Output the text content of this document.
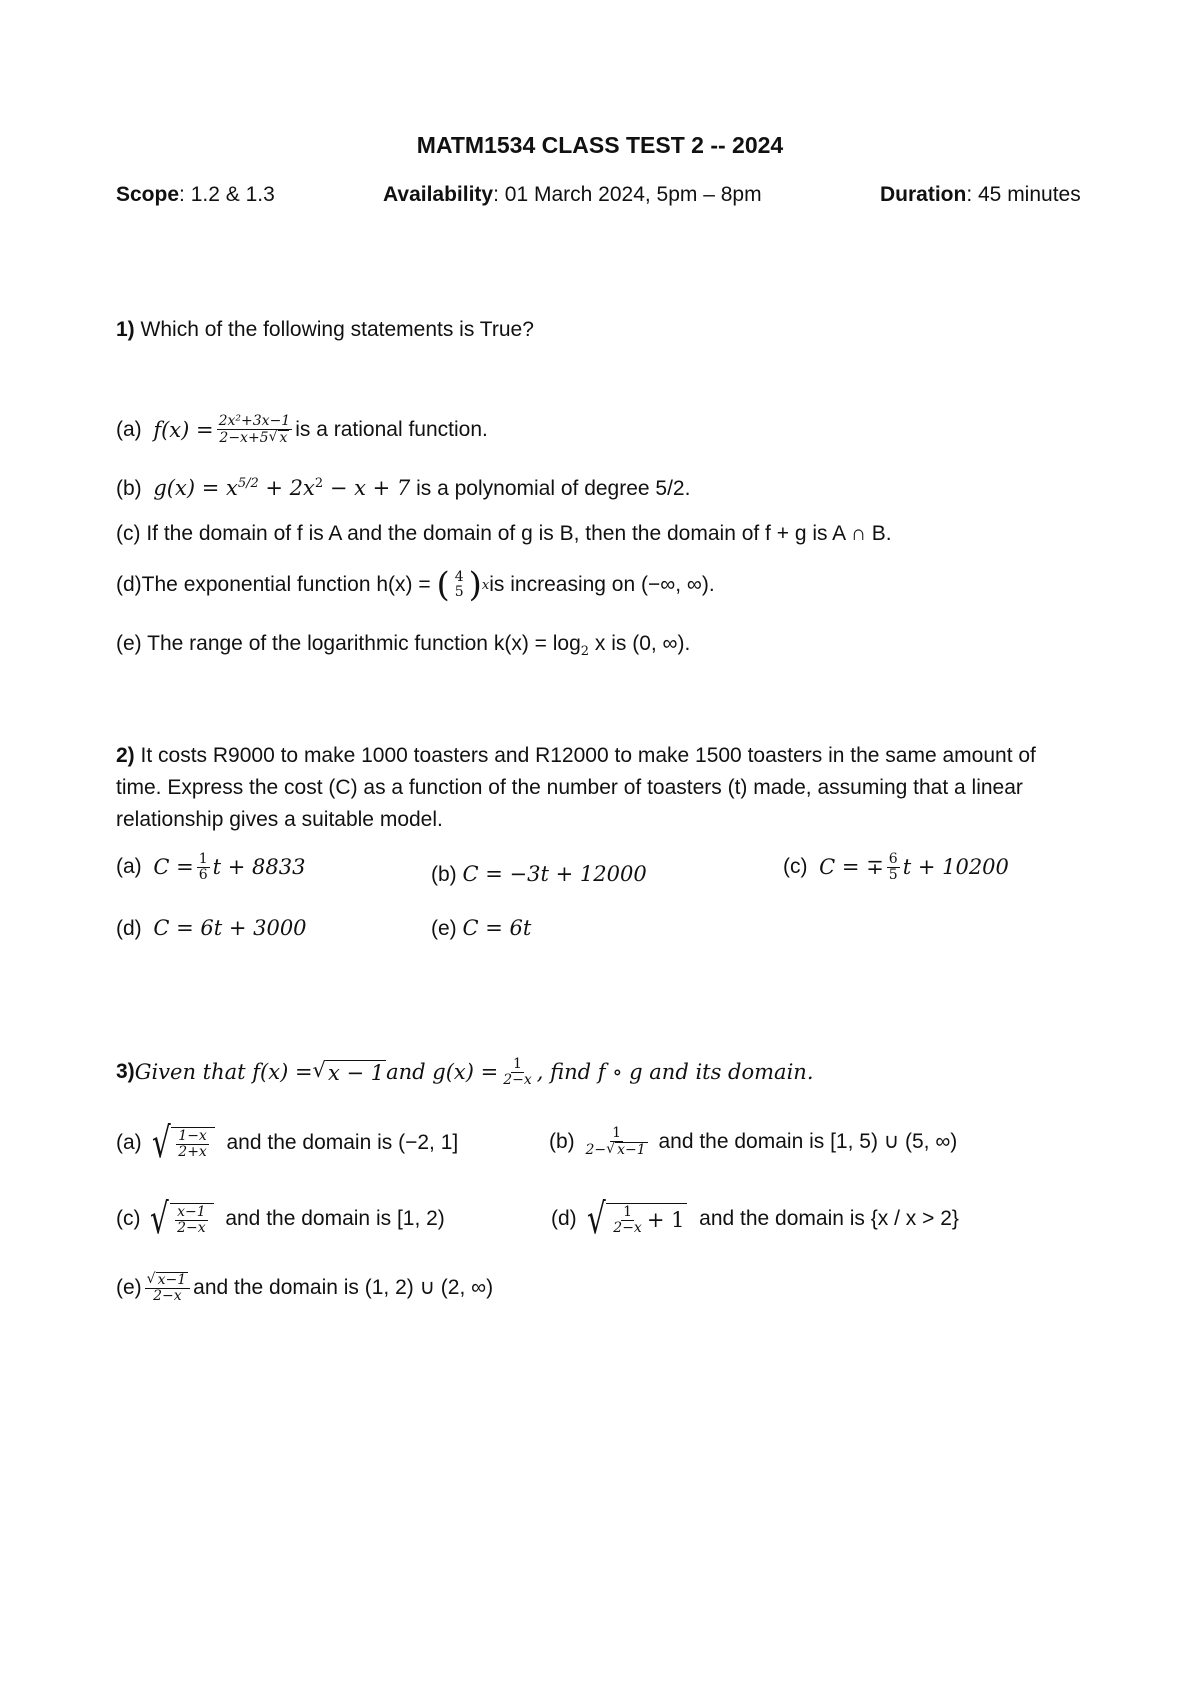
MATM1534 CLASS TEST 2 -- 2024
Scope: 1.2 & 1.3	Availability: 01 March 2024, 5pm – 8pm	Duration: 45 minutes
1) Which of the following statements is True?
(a)
$f(x) = \frac{\text{2x²+3x−1}}{2-x+5 √ x}$ is a rational function.
(b) $g(x) = x^{5/2} + 2x^2 - x + 7$ is a polynomial of degree 5/2.
(c) If the domain of f is A and the domain of g is B, then the domain of f + g is A ∩ B.
(d) The exponential function h(x) =
( 4
5 ) x is increasing on (−∞, ∞).
(e) The range of the logarithmic function $k(x) = \log_2 x$ is (0, ∞).
2) It costs R9000 to make 1000 toasters and R12000 to make 1500 toasters in the same amount of
time. Express the cost (C) as a function of the number of toasters (t) made, assuming that a linear
relationship gives a suitable model.
(a)
$C = \frac{1}{6}$ t + 8833	(b) C = −3t + 12000	(c)
C = ∓ $\frac{6}{5}$ t + 10200
(d) C = 6t + 3000	(e) C = 6t
3) Given that f(x) = √ x − 1 and $g(x) = \frac{1}{2-x}$ , find f ∘ g and its domain.
(a)
√ $\frac{1-x}{2+x}$
and the domain is (−2, 1]	(b)
$\frac{1}{2- √ x-1}$
and the domain is [1, 5) ∪ (5, ∞)
(c)
√ $\frac{x-1}{2-x}$
and the domain is [1, 2)	(d)
√ $\frac{1}{2-x} + 1$
and the domain is {x / x > 2}
$(e) \frac{√ x-1}{2-x}$ and the domain is (1, 2) ∪ (2, ∞)
